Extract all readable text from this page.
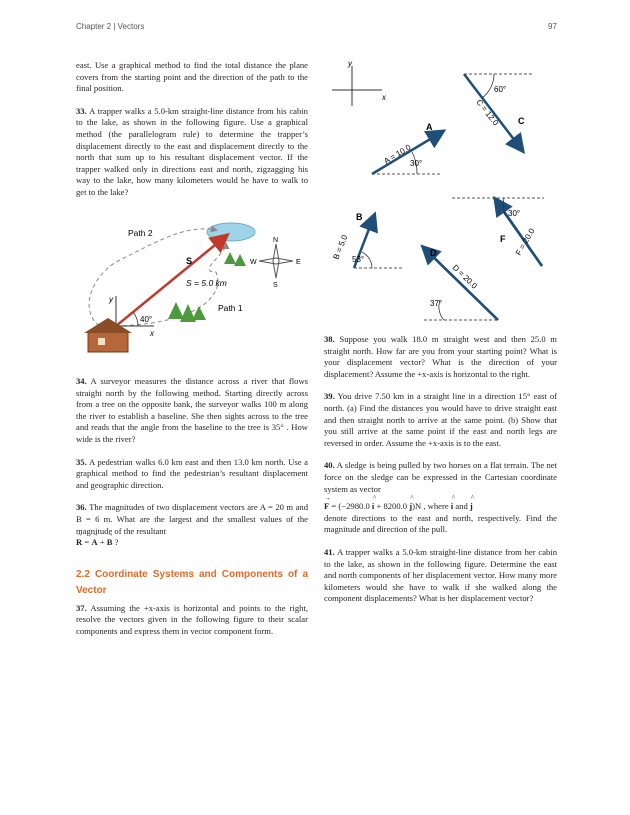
Chapter 2 | Vectors	97

east. Use a graphical method to find the total distance the plane covers from the starting point and the direction of the path to the final position.

33. A trapper walks a 5.0-km straight-line distance from his cabin to the lake, as shown in the following figure. Use a graphical method (the parallelogram rule) to determine the trapper’s displacement directly to the east and displacement directly to the north that sum up to his resultant displacement vector. If the trapper walked only in directions east and north, zigzagging his way to the lake, how many kilometers would he have to walk to get to the lake?

y
x
40°
S
S = 5.0 km
Path 2
Path 1
N
S
E
W

34. A surveyor measures the distance across a river that flows straight north by the following method. Starting directly across from a tree on the opposite bank, the surveyor walks 100 m along the river to establish a baseline. She then sights across to the tree and reads that the angle from the baseline to the tree is 35° . How wide is the river?

35. A pedestrian walks 6.0 km east and then 13.0 km north. Use a graphical method to find the pedestrian’s resultant displacement and geographic direction.

36. The magnitudes of two displacement vectors are A = 20 m and B = 6 m. What are the largest and the smallest values of the magnitude of the resultant
→ R = → A + → B ?

2.2 Coordinate Systems and Components of a Vector

37. Assuming the +x-axis is horizontal and points to the right, resolve the vectors given in the following figure to their scalar components and express them in vector component form.

y
x
A
A = 10.0
30°
60°
C = 12.0 C
30°
F = 20.0
F
B
B = 5.0 53°
37°
D = 20.0
D

38. Suppose you walk 18.0 m straight west and then 25.0 m straight north. How far are you from your starting point? What is your displacement vector? What is the direction of your displacement? Assume the +x-axis is horizontal to the right.

39. You drive 7.50 km in a straight line in a direction 15° east of north. (a) Find the distances you would have to drive straight east and then straight north to arrive at the same point. (b) Show that you still arrive at the same point if the east and north legs are reversed in order. Assume the +x-axis is to the east.

40. A sledge is being pulled by two horses on a flat terrain. The net force on the sledge can be expressed in the Cartesian coordinate system as vector
→ F = (−2980.0 ^ i + 8200.0 ^ j)N , where ^ i and ^ j
denote directions to the east and north, respectively. Find the magnitude and direction of the pull.

41. A trapper walks a 5.0-km straight-line distance from her cabin to the lake, as shown in the following figure. Determine the east and north components of her displacement vector. How many more kilometers would she have to walk if she walked along the component displacements? What is her displacement vector?
